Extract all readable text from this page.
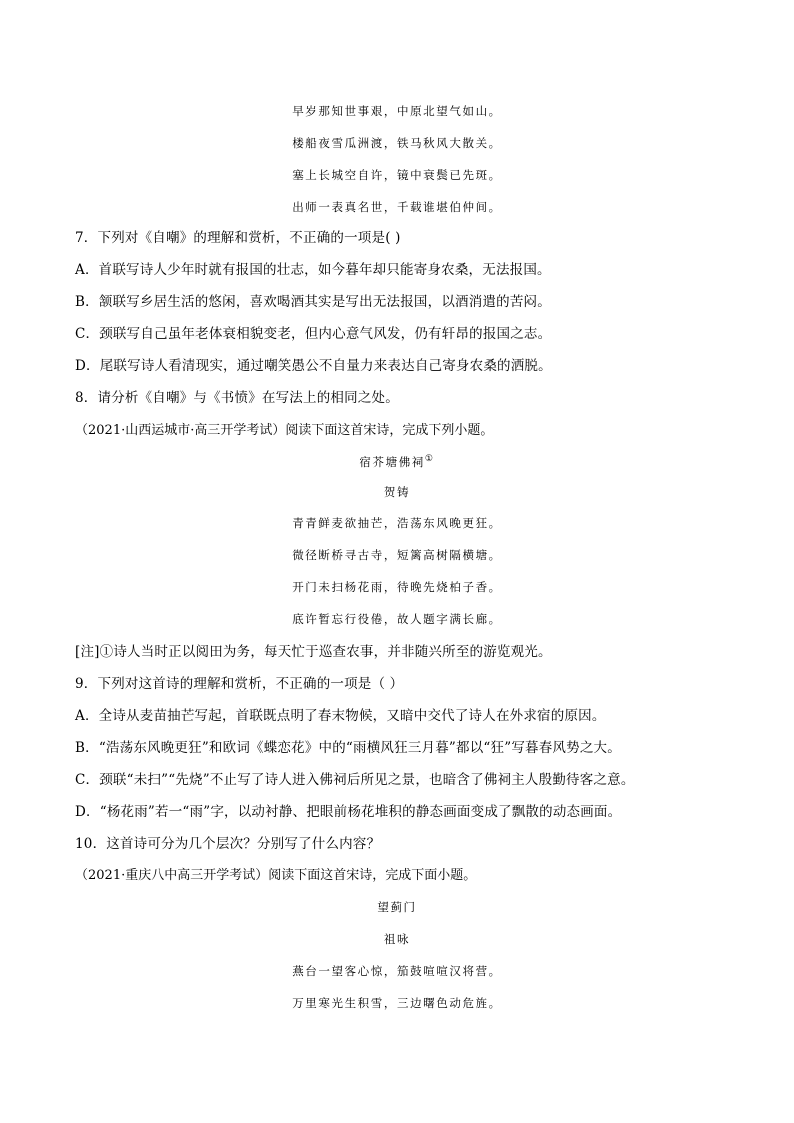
早岁那知世事艰，中原北望气如山。
楼船夜雪瓜洲渡，铁马秋风大散关。
塞上长城空自许，镜中衰鬓已先斑。
出师一表真名世，千载谁堪伯仲间。
7．下列对《自嘲》的理解和赏析，不正确的一项是( )
A．首联写诗人少年时就有报国的壮志，如今暮年却只能寄身农桑，无法报国。
B．颔联写乡居生活的悠闲，喜欢喝酒其实是写出无法报国，以酒消遣的苦闷。
C．颈联写自己虽年老体衰相貌变老，但内心意气风发，仍有轩昂的报国之志。
D．尾联写诗人看清现实，通过嘲笑愚公不自量力来表达自己寄身农桑的洒脱。
8．请分析《自嘲》与《书愤》在写法上的相同之处。
（2021·山西运城市·高三开学考试）阅读下面这首宋诗，完成下列小题。
宿芥塘佛祠①
贺铸
青青鲜麦欲抽芒，浩荡东风晚更狂。
微径断桥寻古寺，短篱高树隔横塘。
开门未扫杨花雨，待晚先烧柏子香。
底许暂忘行役倦，故人题字满长廊。
[注]①诗人当时正以阅田为务，每天忙于巡查农事，并非随兴所至的游览观光。
9．下列对这首诗的理解和赏析，不正确的一项是（ ）
A．全诗从麦苗抽芒写起，首联既点明了春末物候，又暗中交代了诗人在外求宿的原因。
B．“浩荡东风晚更狂”和欧词《蝶恋花》中的“雨横风狂三月暮”都以“狂”写暮春风势之大。
C．颈联“未扫”“先烧”不止写了诗人进入佛祠后所见之景，也暗含了佛祠主人殷勤待客之意。
D．“杨花雨”若一“雨”字，以动衬静、把眼前杨花堆积的静态画面变成了飘散的动态画面。
10．这首诗可分为几个层次？分别写了什么内容？
（2021·重庆八中高三开学考试）阅读下面这首宋诗，完成下面小题。
望蓟门
祖咏
燕台一望客心惊，笳鼓喧喧汉将营。
万里寒光生积雪，三边曙色动危旌。
